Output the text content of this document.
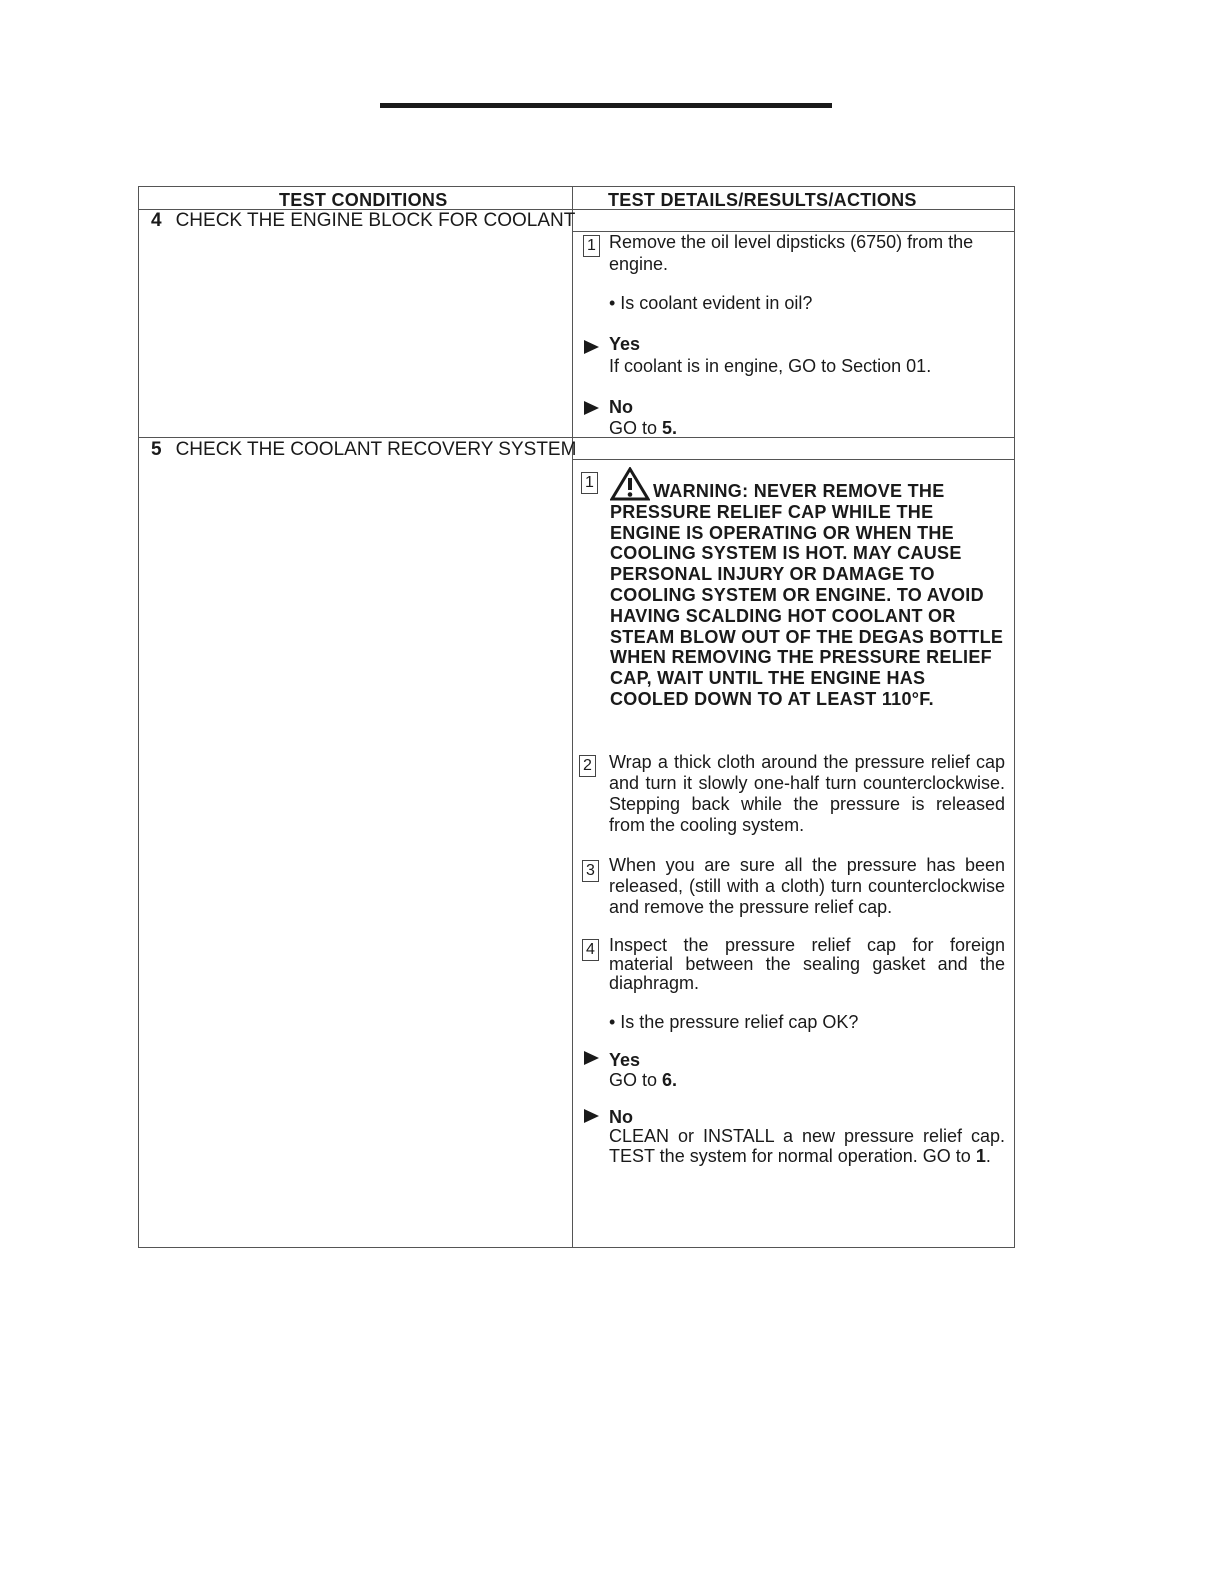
TEST CONDITIONS	TEST DETAILS/RESULTS/ACTIONS
4 CHECK THE ENGINE BLOCK FOR COOLANT
1 Remove the oil level dipsticks (6750) from the engine.
• Is coolant evident in oil?
Yes
If coolant is in engine, GO to Section 01.
No
GO to 5.
5 CHECK THE COOLANT RECOVERY SYSTEM
1	WARNING: NEVER REMOVE THE PRESSURE RELIEF CAP WHILE THE ENGINE IS OPERATING OR WHEN THE COOLING SYSTEM IS HOT. MAY CAUSE PERSONAL INJURY OR DAMAGE TO COOLING SYSTEM OR ENGINE. TO AVOID HAVING SCALDING HOT COOLANT OR STEAM BLOW OUT OF THE DEGAS BOTTLE WHEN REMOVING THE PRESSURE RELIEF CAP, WAIT UNTIL THE ENGINE HAS COOLED DOWN TO AT LEAST 110°F.
2 Wrap a thick cloth around the pressure relief cap and turn it slowly one-half turn counterclockwise. Stepping back while the pressure is released from the cooling system.
3 When you are sure all the pressure has been released, (still with a cloth) turn counterclockwise and remove the pressure relief cap.
4 Inspect the pressure relief cap for foreign material between the sealing gasket and the diaphragm.
• Is the pressure relief cap OK?
Yes
GO to 6.
No
CLEAN or INSTALL a new pressure relief cap. TEST the system for normal operation. GO to 1.
